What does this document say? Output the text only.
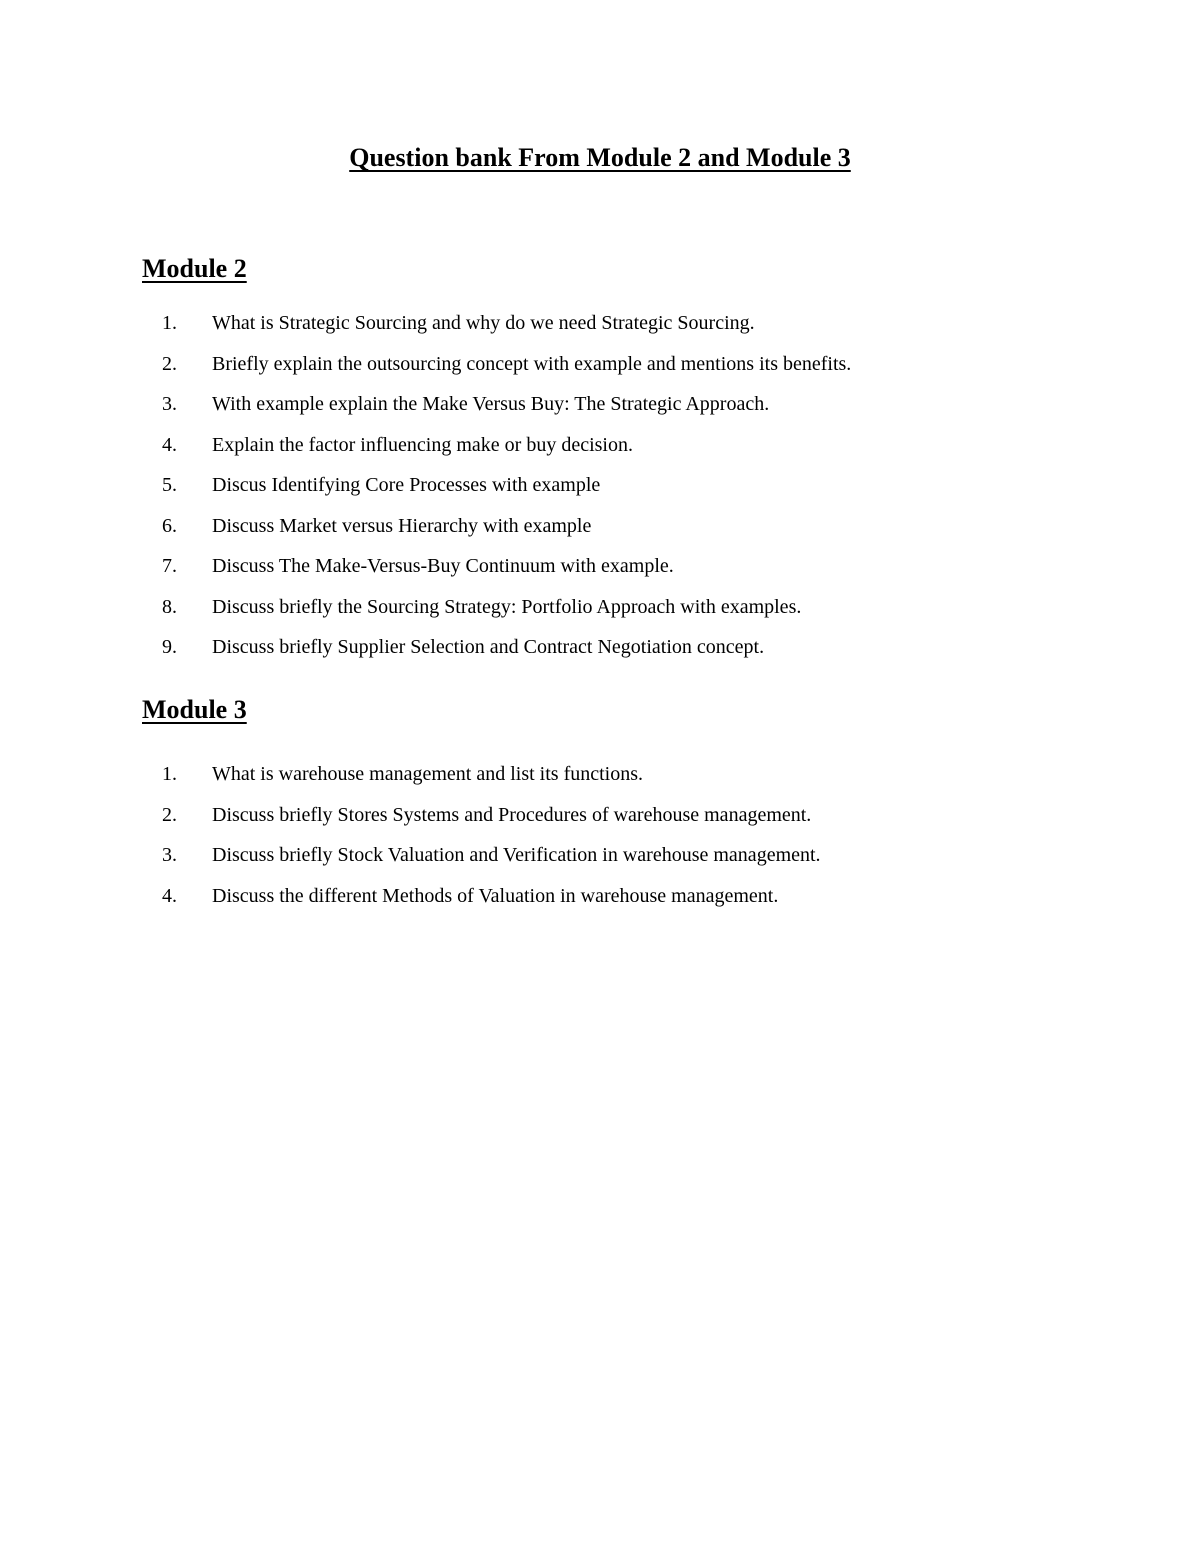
Question bank From Module 2 and Module 3
Module 2
1.	What is Strategic Sourcing and why do we need Strategic Sourcing.
2.	Briefly explain the outsourcing concept with example and mentions its benefits.
3.	With example explain the Make Versus Buy: The Strategic Approach.
4.	Explain the factor influencing make or buy decision.
5.	Discus Identifying Core Processes with example
6.	Discuss Market versus Hierarchy with example
7.	Discuss The Make-Versus-Buy Continuum with example.
8.	Discuss briefly the Sourcing Strategy: Portfolio Approach with examples.
9.	Discuss briefly Supplier Selection and Contract Negotiation concept.
Module 3
1.	What is warehouse management and list its functions.
2.	Discuss briefly Stores Systems and Procedures of warehouse management.
3.	Discuss briefly Stock Valuation and Verification in warehouse management.
4.	Discuss the different Methods of Valuation in warehouse management.
